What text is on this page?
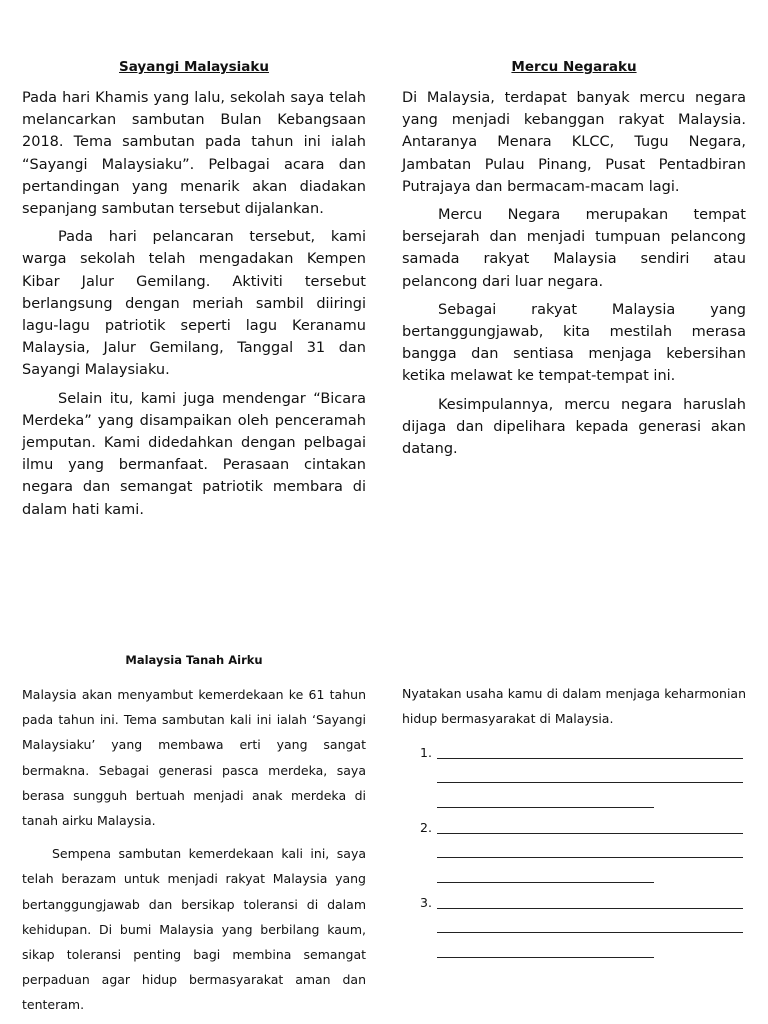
Sayangi Malaysiaku

Pada hari Khamis yang lalu, sekolah saya telah melancarkan sambutan Bulan Kebangsaan 2018. Tema sambutan pada tahun ini ialah “Sayangi Malaysiaku”. Pelbagai acara dan pertandingan yang menarik akan diadakan sepanjang sambutan tersebut dijalankan.

Pada hari pelancaran tersebut, kami warga sekolah telah mengadakan Kempen Kibar Jalur Gemilang. Aktiviti tersebut berlangsung dengan meriah sambil diiringi lagu-lagu patriotik seperti lagu Keranamu Malaysia, Jalur Gemilang, Tanggal 31 dan Sayangi Malaysiaku.

Selain itu, kami juga mendengar “Bicara Merdeka” yang disampaikan oleh penceramah jemputan. Kami didedahkan dengan pelbagai ilmu yang bermanfaat. Perasaan cintakan negara dan semangat patriotik membara di dalam hati kami.

Mercu Negaraku

Di Malaysia, terdapat banyak mercu negara yang menjadi kebanggan rakyat Malaysia. Antaranya Menara KLCC, Tugu Negara, Jambatan Pulau Pinang, Pusat Pentadbiran Putrajaya dan bermacam-macam lagi.

Mercu Negara merupakan tempat bersejarah dan menjadi tumpuan pelancong samada rakyat Malaysia sendiri atau pelancong dari luar negara.

Sebagai rakyat Malaysia yang bertanggungjawab, kita mestilah merasa bangga dan sentiasa menjaga kebersihan ketika melawat ke tempat-tempat ini.

Kesimpulannya, mercu negara haruslah dijaga dan dipelihara kepada generasi akan datang.

Malaysia Tanah Airku

Malaysia akan menyambut kemerdekaan ke 61 tahun pada tahun ini. Tema sambutan kali ini ialah ‘Sayangi Malaysiaku’ yang membawa erti yang sangat bermakna. Sebagai generasi pasca merdeka, saya berasa sungguh bertuah menjadi anak merdeka di tanah airku Malaysia.

Sempena sambutan kemerdekaan kali ini, saya telah berazam untuk menjadi rakyat Malaysia yang bertanggungjawab dan bersikap toleransi di dalam kehidupan. Di bumi Malaysia yang berbilang kaum, sikap toleransi penting bagi membina semangat perpaduan agar hidup bermasyarakat aman dan tenteram.

Nyatakan usaha kamu di dalam menjaga keharmonian hidup bermasyarakat di Malaysia.

1.
2.
3.
